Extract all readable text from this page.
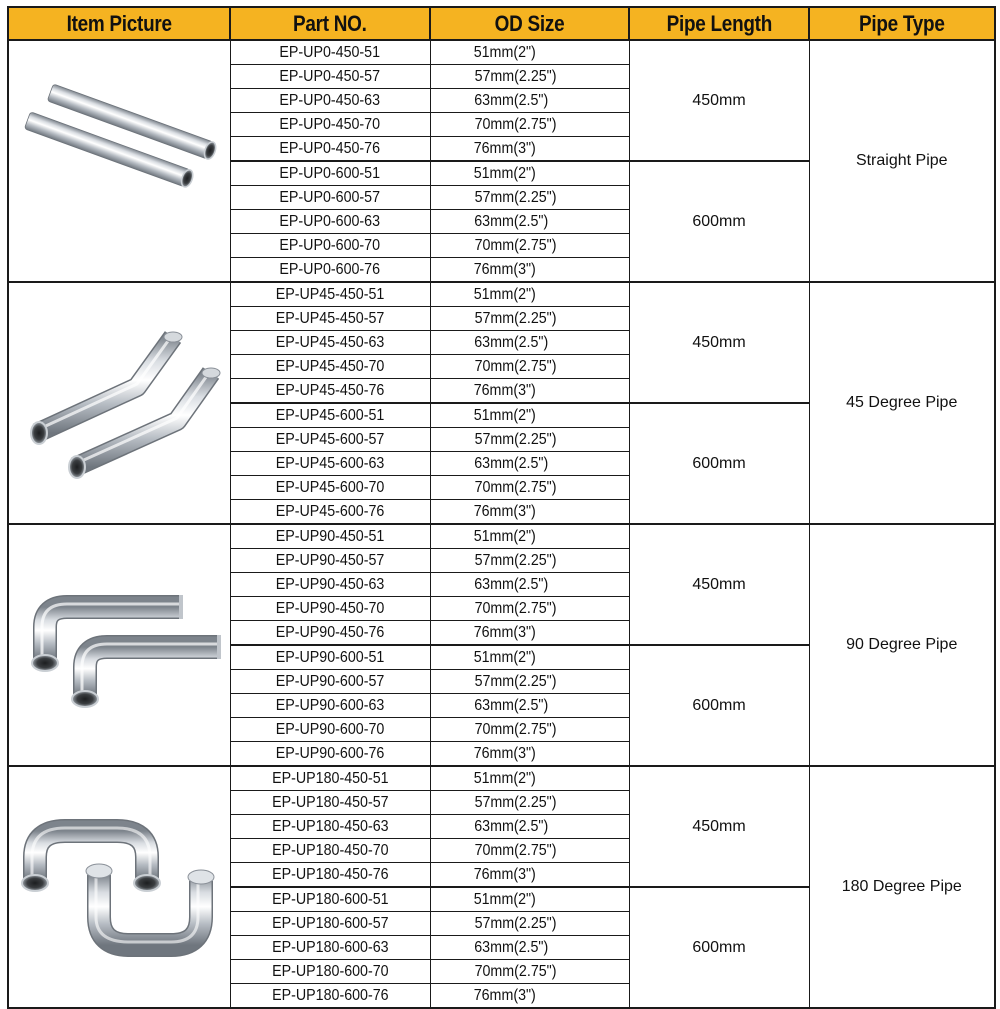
Item Picture	Part NO.	OD Size	Pipe Length	Pipe Type

	EP-UP0-450-51	51mm(2")	450mm	Straight Pipe
	EP-UP0-450-57	57mm(2.25")		
	EP-UP0-450-63	63mm(2.5")		
	EP-UP0-450-70	70mm(2.75")		
	EP-UP0-450-76	76mm(3")		
	EP-UP0-600-51	51mm(2")	600mm	
	EP-UP0-600-57	57mm(2.25")		
	EP-UP0-600-63	63mm(2.5")		
	EP-UP0-600-70	70mm(2.75")		
	EP-UP0-600-76	76mm(3")		

	EP-UP45-450-51	51mm(2")	450mm	45 Degree Pipe
	EP-UP45-450-57	57mm(2.25")		
	EP-UP45-450-63	63mm(2.5")		
	EP-UP45-450-70	70mm(2.75")		
	EP-UP45-450-76	76mm(3")		
	EP-UP45-600-51	51mm(2")	600mm	
	EP-UP45-600-57	57mm(2.25")		
	EP-UP45-600-63	63mm(2.5")		
	EP-UP45-600-70	70mm(2.75")		
	EP-UP45-600-76	76mm(3")		

	EP-UP90-450-51	51mm(2")	450mm	90 Degree Pipe
	EP-UP90-450-57	57mm(2.25")		
	EP-UP90-450-63	63mm(2.5")		
	EP-UP90-450-70	70mm(2.75")		
	EP-UP90-450-76	76mm(3")		
	EP-UP90-600-51	51mm(2")	600mm	
	EP-UP90-600-57	57mm(2.25")		
	EP-UP90-600-63	63mm(2.5")		
	EP-UP90-600-70	70mm(2.75")		
	EP-UP90-600-76	76mm(3")		

	EP-UP180-450-51	51mm(2")	450mm	180 Degree Pipe
	EP-UP180-450-57	57mm(2.25")		
	EP-UP180-450-63	63mm(2.5")		
	EP-UP180-450-70	70mm(2.75")		
	EP-UP180-450-76	76mm(3")		
	EP-UP180-600-51	51mm(2")	600mm	
	EP-UP180-600-57	57mm(2.25")		
	EP-UP180-600-63	63mm(2.5")		
	EP-UP180-600-70	70mm(2.75")		
	EP-UP180-600-76	76mm(3")		
